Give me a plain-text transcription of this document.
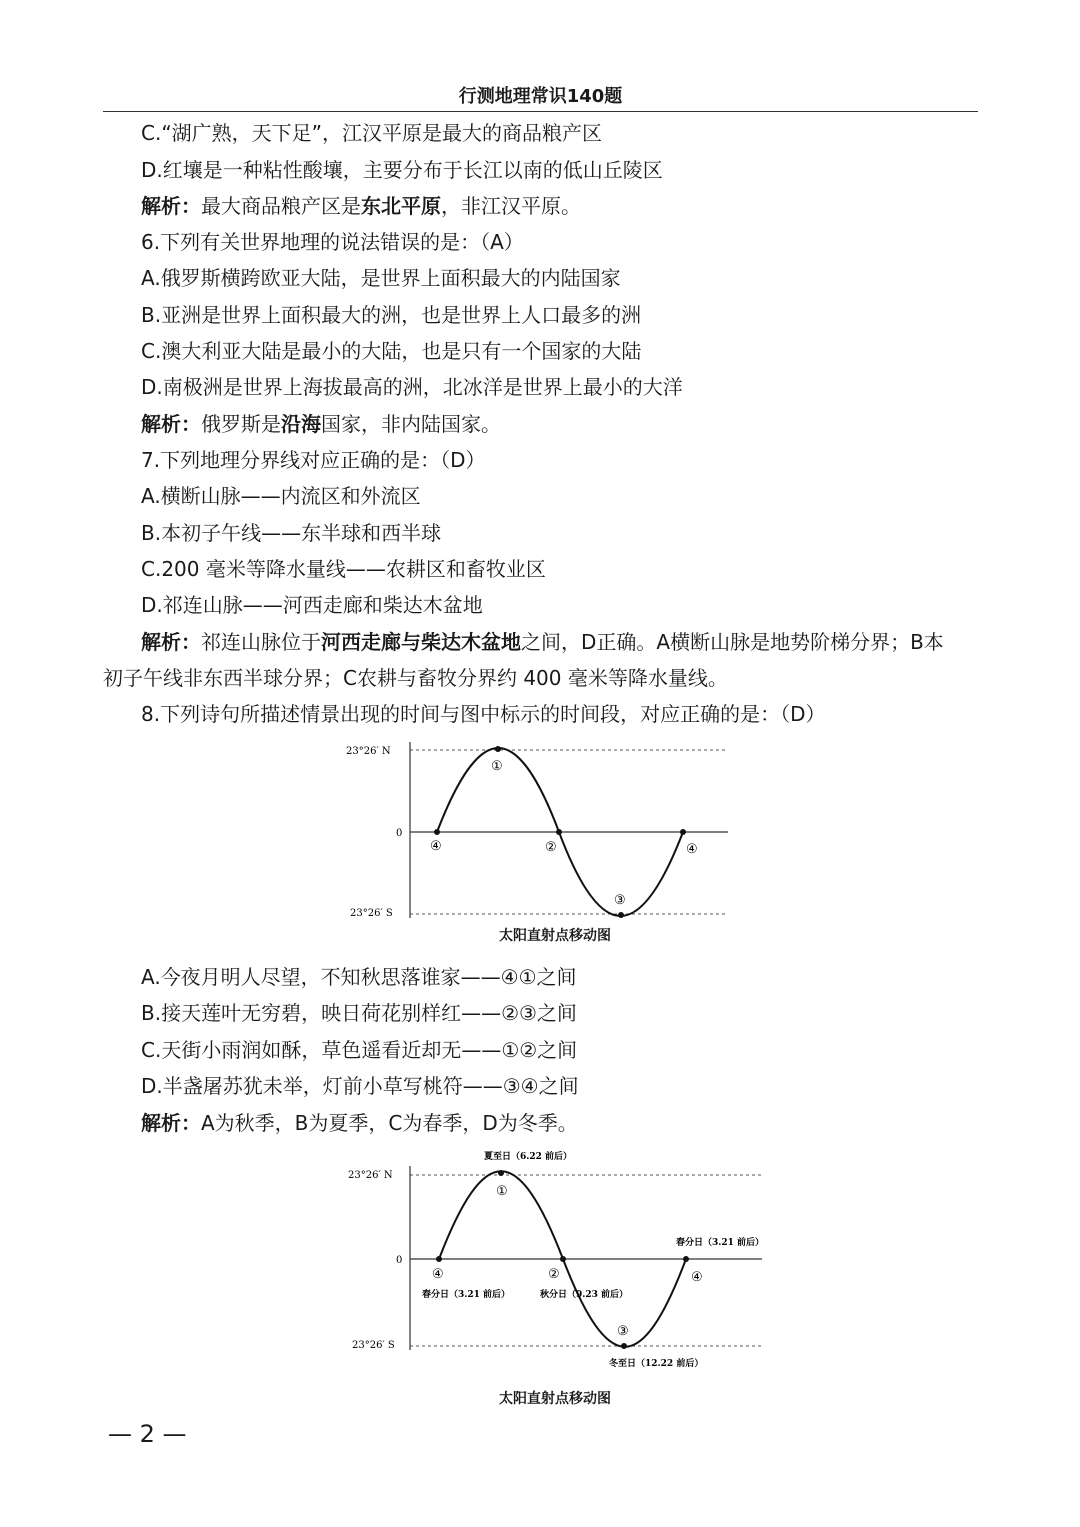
行测地理常识140题
C.“湖广熟，天下足”，江汉平原是最大的商品粮产区
D.红壤是一种粘性酸壤，主要分布于长江以南的低山丘陵区
解析：最大商品粮产区是东北平原，非江汉平原。
6.下列有关世界地理的说法错误的是：（A）
A.俄罗斯横跨欧亚大陆，是世界上面积最大的内陆国家
B.亚洲是世界上面积最大的洲，也是世界上人口最多的洲
C.澳大利亚大陆是最小的大陆，也是只有一个国家的大陆
D.南极洲是世界上海拔最高的洲，北冰洋是世界上最小的大洋
解析：俄罗斯是沿海国家，非内陆国家。
7.下列地理分界线对应正确的是：（D）
A.横断山脉——内流区和外流区
B.本初子午线——东半球和西半球
C.200 毫米等降水量线——农耕区和畜牧业区
D.祁连山脉——河西走廊和柴达木盆地
解析：祁连山脉位于河西走廊与柴达木盆地之间，D正确。A横断山脉是地势阶梯分界；B本
初子午线非东西半球分界；C农耕与畜牧分界约 400 毫米等降水量线。
8.下列诗句所描述情景出现的时间与图中标示的时间段，对应正确的是：（D）
23°26′ N
0
23°26′ S
①
④	②
③
④
太阳直射点移动图
A.今夜月明人尽望，不知秋思落谁家——④①之间
B.接天莲叶无穷碧，映日荷花别样红——②③之间
C.天街小雨润如酥，草色遥看近却无——①②之间
D.半盏屠苏犹未举，灯前小草写桃符——③④之间
解析：A为秋季，B为夏季，C为春季，D为冬季。
23°26′ N
0
23°26′ S
①
④	②
③
④
夏至日（6.22 前后）
春分日（3.21 前后）	秋分日（9.23 前后）
春分日（3.21 前后）
冬至日（12.22 前后）
太阳直射点移动图
— 2 —
